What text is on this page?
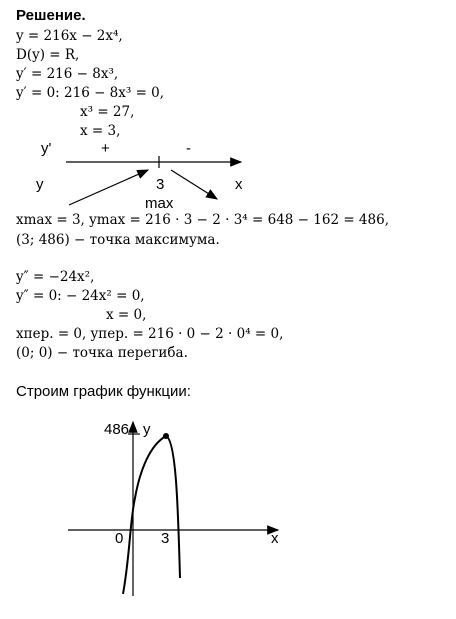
Решение.
y = 216x − 2x⁴,
D(y) = R,
y′ = 216 − 8x³,
y′ = 0: 216 − 8x³ = 0,
x³ = 27,
x = 3,
y'	+	-
y	3	x
max
xmax = 3, ymax = 216 · 3 − 2 · 3⁴ = 648 − 162 = 486,
(3; 486) − точка максимума.
y″ = −24x²,
y″ = 0: − 24x² = 0,
x = 0,
xпер. = 0, yпер. = 216 · 0 − 2 · 0⁴ = 0,
(0; 0) − точка перегиба.
Строим график функции:
486 y
0	3	x
